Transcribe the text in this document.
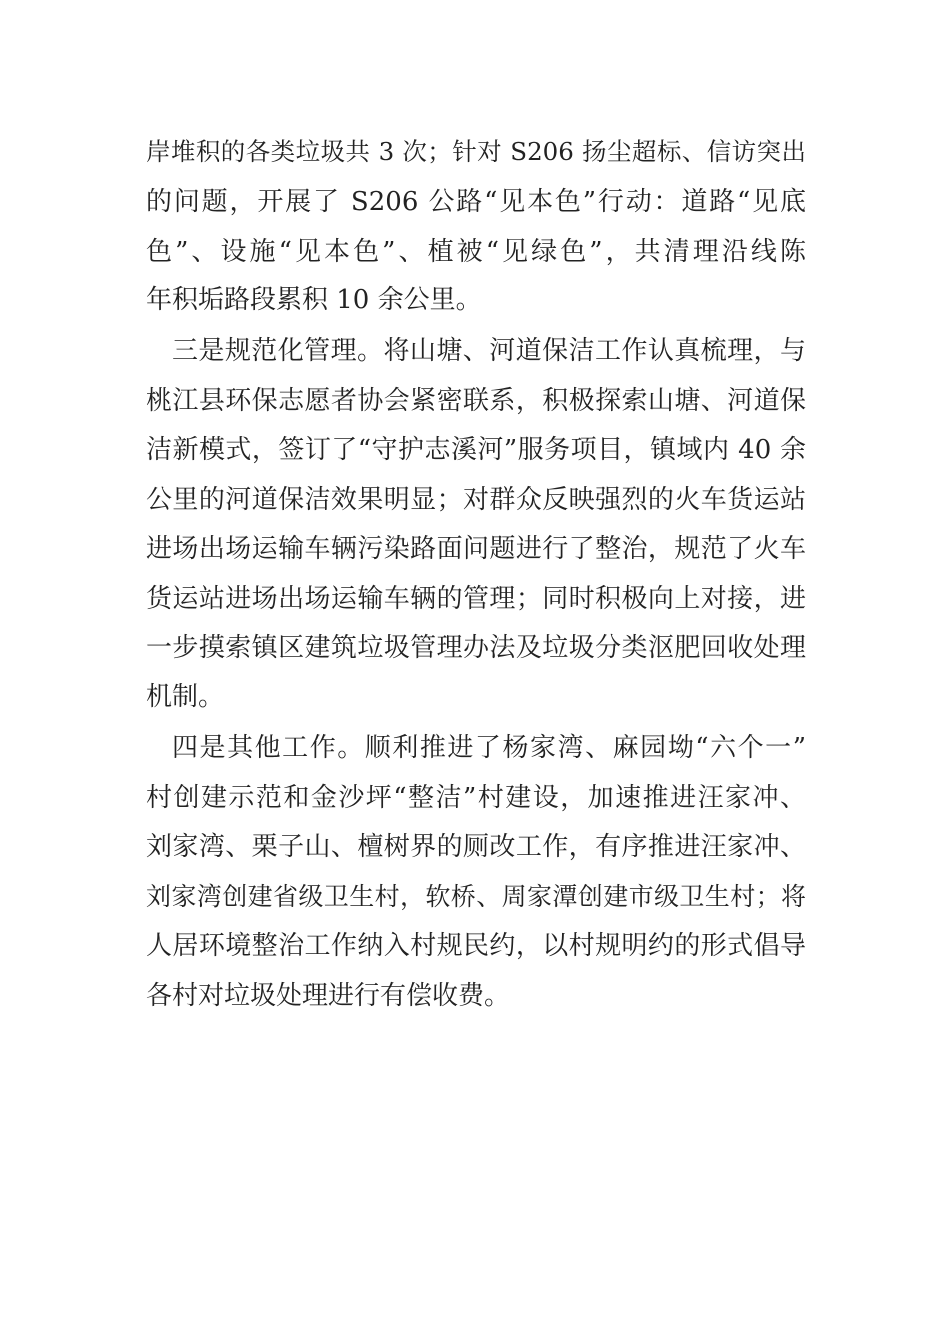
岸堆积的各类垃圾共 3 次；针对 S206 扬尘超标、信访突出
的问题，开展了 S206 公路“见本色”行动：道路“见底
色”、设施“见本色”、植被“见绿色”，共清理沿线陈
年积垢路段累积 10 余公里。
三是规范化管理。将山塘、河道保洁工作认真梳理，与
桃江县环保志愿者协会紧密联系，积极探索山塘、河道保
洁新模式，签订了“守护志溪河”服务项目，镇域内 40 余
公里的河道保洁效果明显；对群众反映强烈的火车货运站
进场出场运输车辆污染路面问题进行了整治，规范了火车
货运站进场出场运输车辆的管理；同时积极向上对接，进
一步摸索镇区建筑垃圾管理办法及垃圾分类沤肥回收处理
机制。
四是其他工作。顺利推进了杨家湾、麻园坳“六个一”
村创建示范和金沙坪“整洁”村建设，加速推进汪家冲、
刘家湾、栗子山、檀树界的厕改工作，有序推进汪家冲、
刘家湾创建省级卫生村，软桥、周家潭创建市级卫生村；将
人居环境整治工作纳入村规民约，以村规明约的形式倡导
各村对垃圾处理进行有偿收费。
